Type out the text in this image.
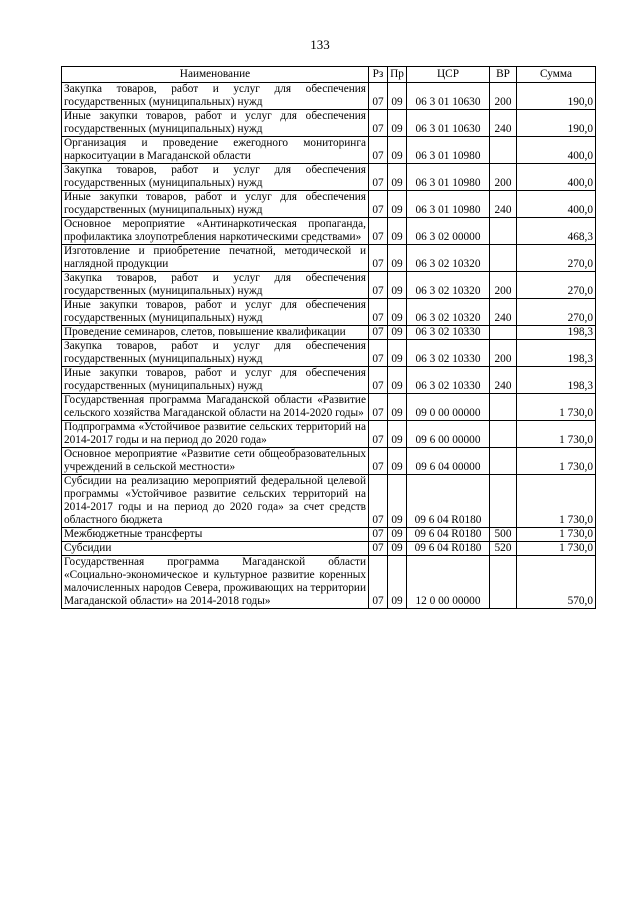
133
Наименование	Рз	Пр	ЦСР	ВР	Сумма
Закупка товаров, работ и услуг для обеспечения государственных (муниципальных) нужд	07	09	06 3 01 10630	200	190,0
Иные закупки товаров, работ и услуг для обеспечения государственных (муниципальных) нужд	07	09	06 3 01 10630	240	190,0
Организация и проведение ежегодного мониторинга наркоситуации в Магаданской области	07	09	06 3 01 10980		400,0
Закупка товаров, работ и услуг для обеспечения государственных (муниципальных) нужд	07	09	06 3 01 10980	200	400,0
Иные закупки товаров, работ и услуг для обеспечения государственных (муниципальных) нужд	07	09	06 3 01 10980	240	400,0
Основное мероприятие «Антинаркотическая пропаганда, профилактика злоупотребления наркотическими средствами»	07	09	06 3 02 00000		468,3
Изготовление и приобретение печатной, методической и наглядной продукции	07	09	06 3 02 10320		270,0
Закупка товаров, работ и услуг для обеспечения государственных (муниципальных) нужд	07	09	06 3 02 10320	200	270,0
Иные закупки товаров, работ и услуг для обеспечения государственных (муниципальных) нужд	07	09	06 3 02 10320	240	270,0
Проведение семинаров, слетов, повышение квалификации	07	09	06 3 02 10330		198,3
Закупка товаров, работ и услуг для обеспечения государственных (муниципальных) нужд	07	09	06 3 02 10330	200	198,3
Иные закупки товаров, работ и услуг для обеспечения государственных (муниципальных) нужд	07	09	06 3 02 10330	240	198,3
Государственная программа Магаданской области «Развитие сельского хозяйства Магаданской области на 2014-2020 годы»	07	09	09 0 00 00000		1 730,0
Подпрограмма «Устойчивое развитие сельских территорий на 2014-2017 годы и на период до 2020 года»	07	09	09 6 00 00000		1 730,0
Основное мероприятие «Развитие сети общеобразовательных учреждений в сельской местности»	07	09	09 6 04 00000		1 730,0
Субсидии на реализацию мероприятий федеральной целевой программы «Устойчивое развитие сельских территорий на 2014-2017 годы и на период до 2020 года» за счет средств областного бюджета	07	09	09 6 04 R0180		1 730,0
Межбюджетные трансферты	07	09	09 6 04 R0180	500	1 730,0
Субсидии	07	09	09 6 04 R0180	520	1 730,0
Государственная программа Магаданской области «Социально-экономическое и культурное развитие коренных малочисленных народов Севера, проживающих на территории Магаданской области» на 2014-2018 годы»	07	09	12 0 00 00000		570,0
